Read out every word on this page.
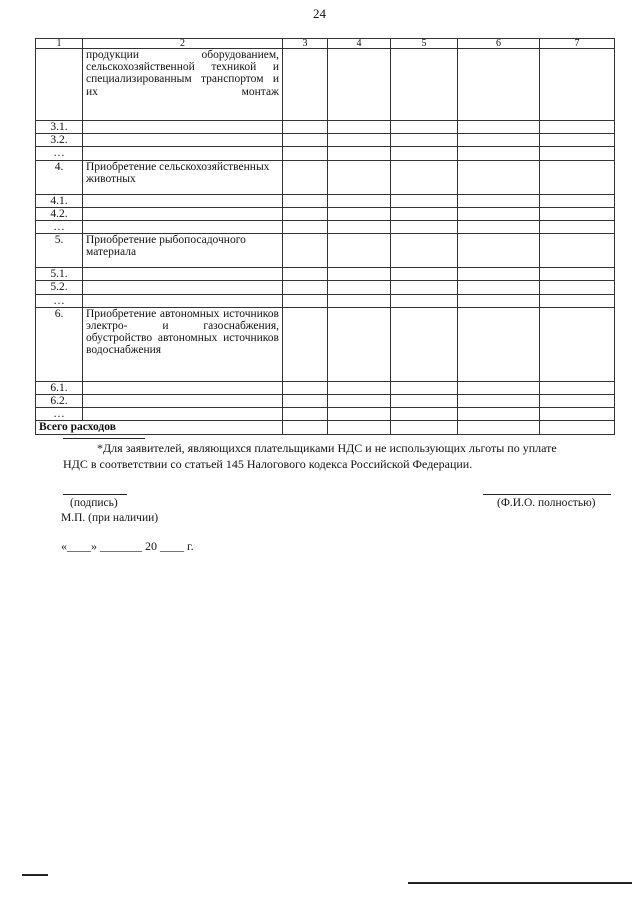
24
1	2	3	4	5	6	7
	продукции оборудованием, сельскохозяйственной техникой и специализированным транспортом и их монтаж					
3.1.						
3.2.						
…						
4.	Приобретение сельскохозяйственных животных					
4.1.						
4.2.						
…						
5.	Приобретение рыбопосадочного материала					
5.1.						
5.2.						
…						
6.	Приобретение автономных источников электро- и газоснабжения, обустройство автономных источников водоснабжения					
6.1.						
6.2.						
…						
Всего расходов						
*Для заявителей, являющихся плательщиками НДС и не использующих льготы по уплате
НДС в соответствии со статьей 145 Налогового кодекса Российской Федерации.
(подпись)	(Ф.И.О. полностью)
М.П. (при наличии)
«____» _______ 20 ____ г.
